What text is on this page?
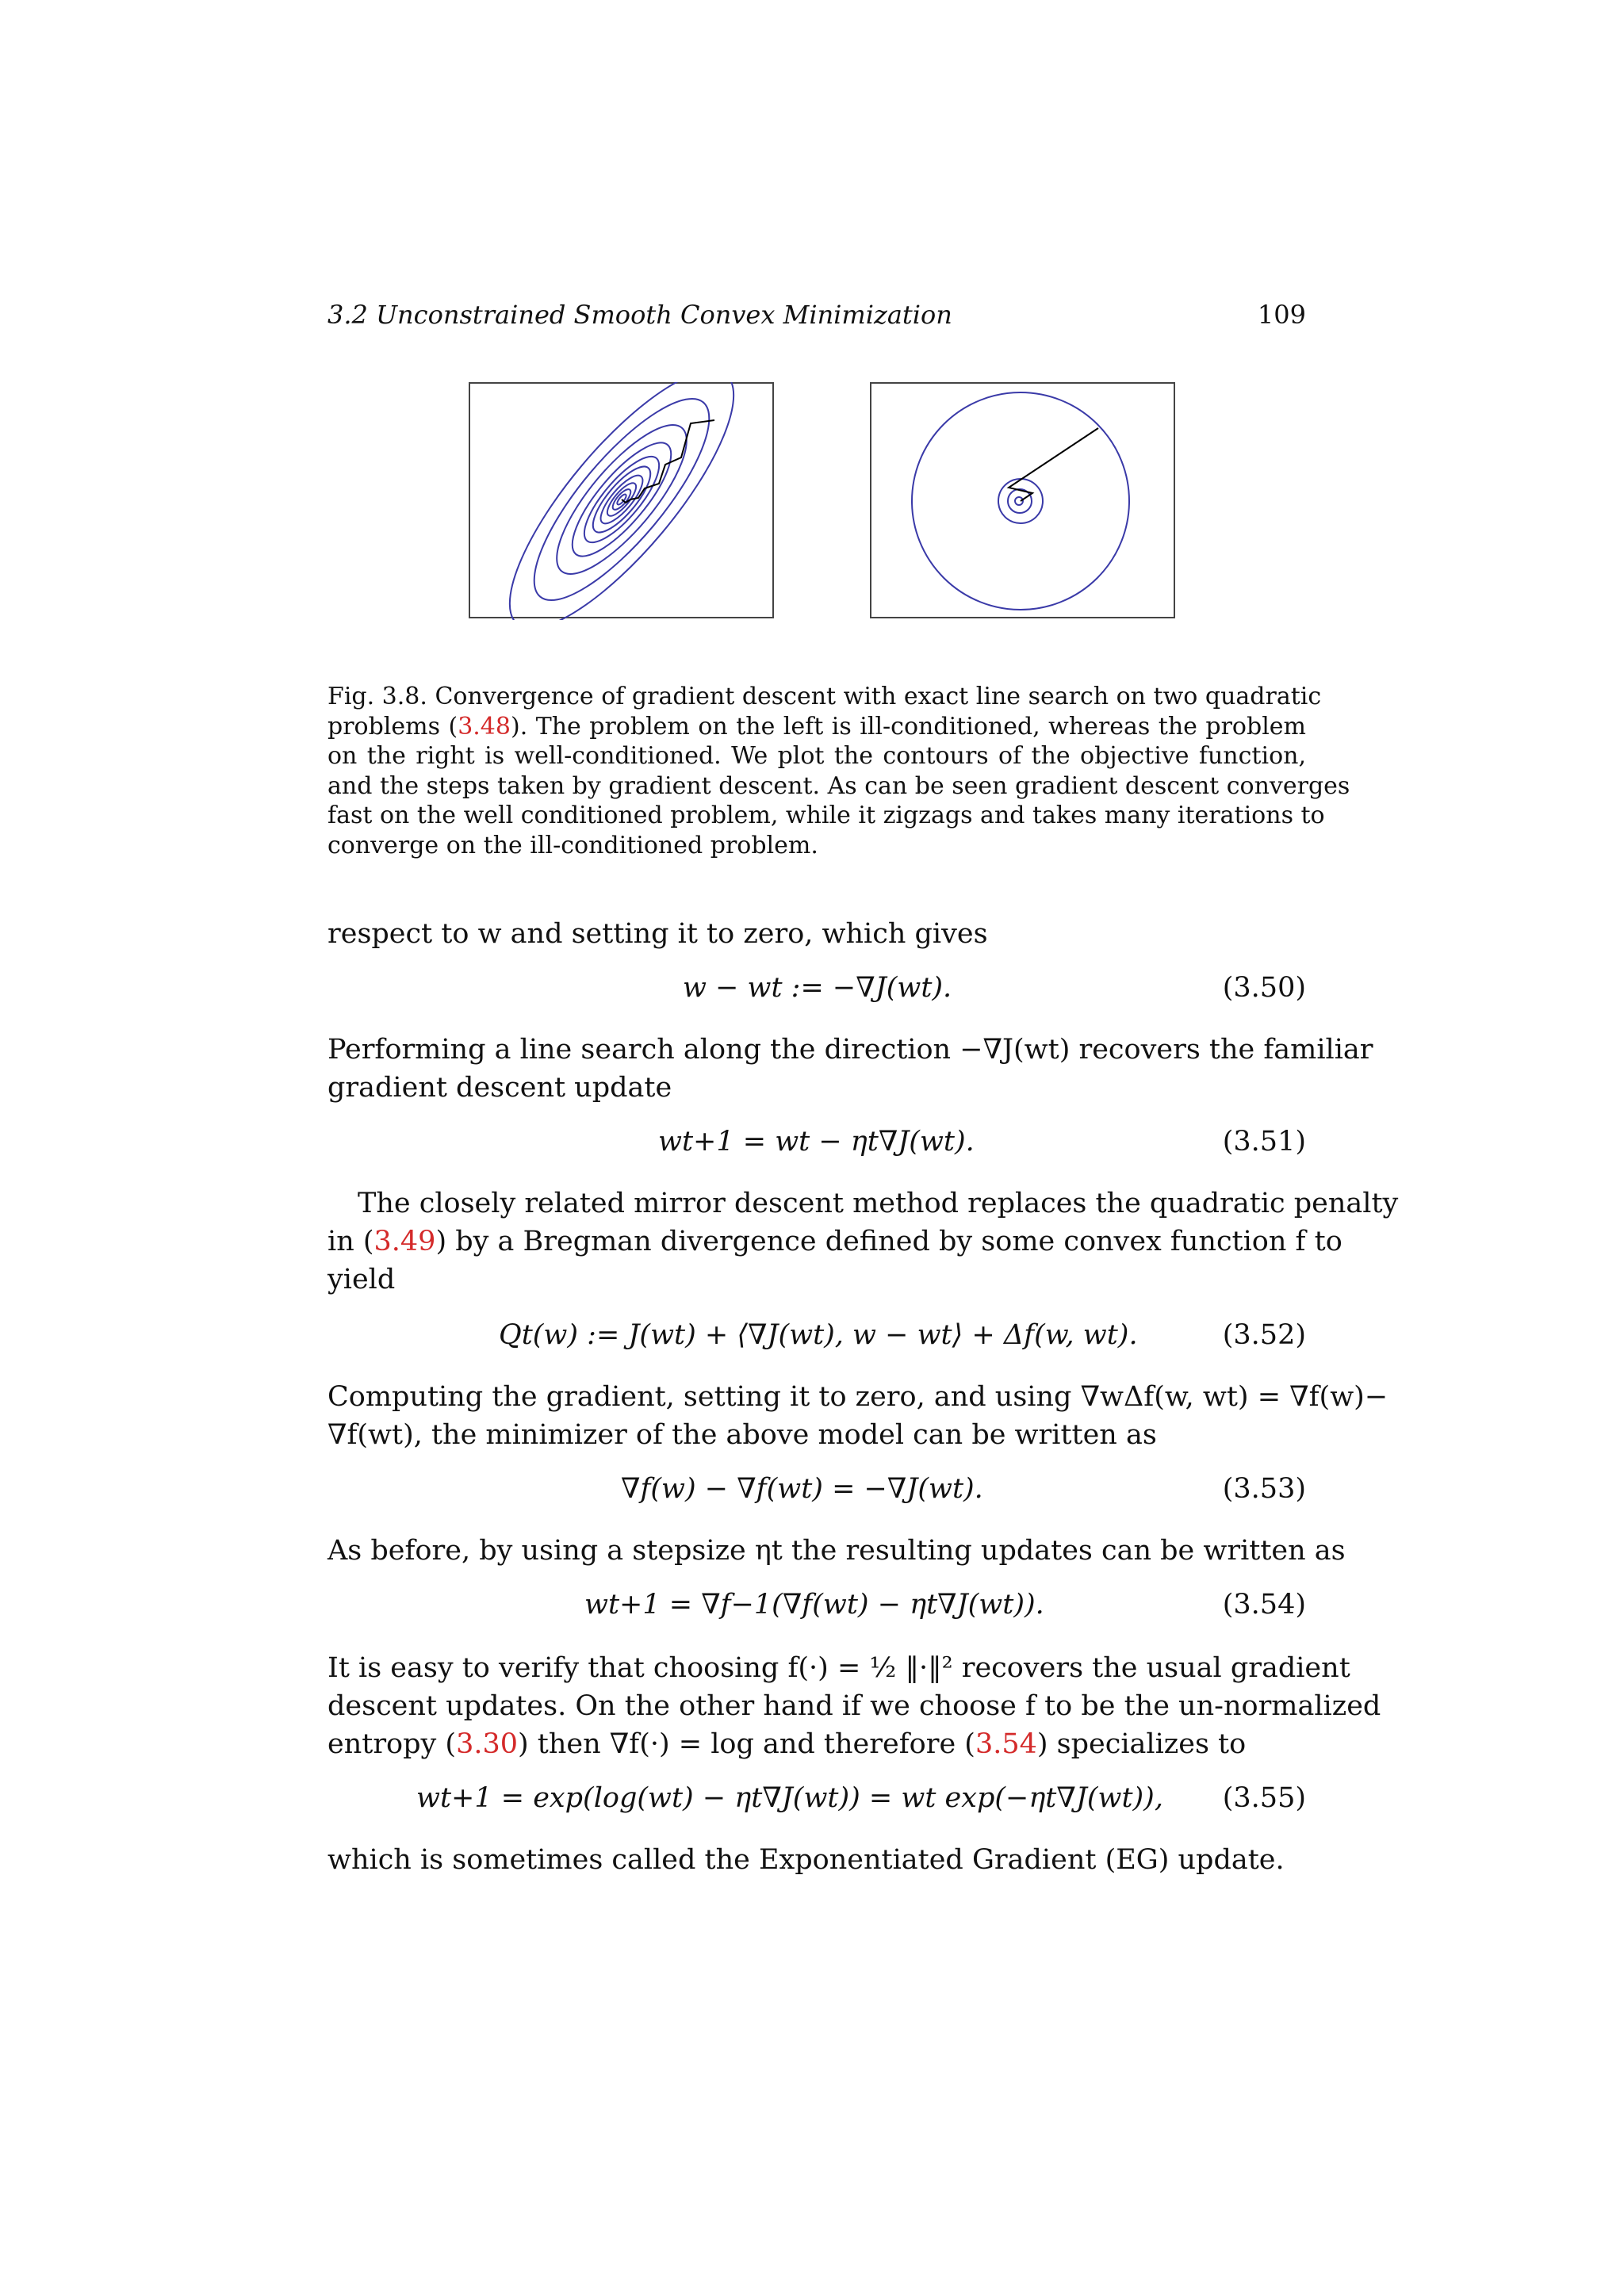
3.2 Unconstrained Smooth Convex Minimization	109
Fig. 3.8. Convergence of gradient descent with exact line search on two quadratic
problems (3.48). The problem on the left is ill-conditioned, whereas the problem
on the right is well-conditioned. We plot the contours of the objective function,
and the steps taken by gradient descent. As can be seen gradient descent converges
fast on the well conditioned problem, while it zigzags and takes many iterations to
converge on the ill-conditioned problem.
respect to w and setting it to zero, which gives
w − wt := −∇J(wt).	(3.50)
Performing a line search along the direction −∇J(wt) recovers the familiar
gradient descent update
wt+1 = wt − ηt∇J(wt).	(3.51)
The closely related mirror descent method replaces the quadratic penalty
in (3.49) by a Bregman divergence defined by some convex function f to
yield
Qt(w) := J(wt) + ⟨∇J(wt), w − wt⟩ + Δf(w, wt).	(3.52)
Computing the gradient, setting it to zero, and using ∇wΔf(w, wt) = ∇f(w)−
∇f(wt), the minimizer of the above model can be written as
∇f(w) − ∇f(wt) = −∇J(wt).	(3.53)
As before, by using a stepsize ηt the resulting updates can be written as
wt+1 = ∇f−1(∇f(wt) − ηt∇J(wt)).	(3.54)
It is easy to verify that choosing f(·) = ½ ‖·‖² recovers the usual gradient
descent updates. On the other hand if we choose f to be the un-normalized
entropy (3.30) then ∇f(·) = log and therefore (3.54) specializes to
wt+1 = exp(log(wt) − ηt∇J(wt)) = wt exp(−ηt∇J(wt)), (3.55)
which is sometimes called the Exponentiated Gradient (EG) update.
